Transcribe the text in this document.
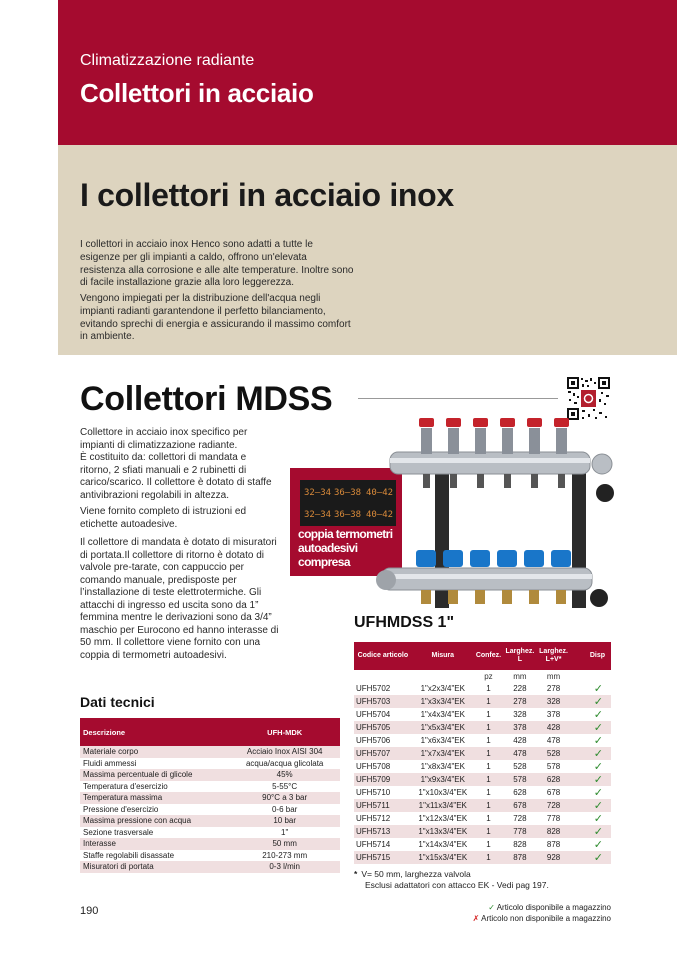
Climatizzazione radiante
Collettori in acciaio
I collettori in acciaio inox
I collettori in acciaio inox Henco sono adatti a tutte le esigenze per gli impianti a caldo, offrono un'elevata resistenza alla corrosione e alle alte temperature. Inoltre sono di facile installazione grazie alla loro leggerezza.
Vengono impiegati per la distribuzione dell'acqua negli impianti radianti garantendone il perfetto bilanciamento, evitando sprechi di energia e assicurando il massimo comfort in ambiente.
Collettori MDSS
Collettore in acciaio inox specifico per impianti di climatizzazione radiante.
È costituito da: collettori di mandata e ritorno, 2 sfiati manuali e 2 rubinetti di carico/scarico. Il collettore è dotato di staffe antivibrazioni regolabili in altezza.
Viene fornito completo di istruzioni ed etichette autoadesive.
Il collettore di mandata è dotato di misuratori di portata.Il collettore di ritorno è dotato di valvole pre-tarate, con cappuccio per comando manuale, predisposte per l’installazione di teste elettrotermiche. Gli attacchi di ingresso ed uscita sono da 1” femmina mentre le derivazioni sono da 3/4” maschio per Eurocono ed hanno interasse di 50 mm. Il collettore viene fornito con una coppia di termometri autoadesivi.
32–34 36–38 40–42
32–34 36–38 40–42
coppia termometri
autoadesivi
compresa
UFHMDSS 1"
Codice articolo	Misura	Confez.	Larghez. L	Larghez. L+V*	Disp
		pz	mm	mm	
UFH5702	1"x2x3/4"EK	1	228	278	✓
UFH5703	1"x3x3/4"EK	1	278	328	✓
UFH5704	1"x4x3/4"EK	1	328	378	✓
UFH5705	1"x5x3/4"EK	1	378	428	✓
UFH5706	1"x6x3/4"EK	1	428	478	✓
UFH5707	1"x7x3/4"EK	1	478	528	✓
UFH5708	1"x8x3/4"EK	1	528	578	✓
UFH5709	1"x9x3/4"EK	1	578	628	✓
UFH5710	1"x10x3/4"EK	1	628	678	✓
UFH5711	1"x11x3/4"EK	1	678	728	✓
UFH5712	1"x12x3/4"EK	1	728	778	✓
UFH5713	1"x13x3/4"EK	1	778	828	✓
UFH5714	1"x14x3/4"EK	1	828	878	✓
UFH5715	1"x15x3/4"EK	1	878	928	✓
* V= 50 mm, larghezza valvola
Esclusi adattatori con attacco EK - Vedi pag 197.
Dati tecnici
Descrizione	UFH-MDK
Materiale corpo	Acciaio Inox AISI 304
Fluidi ammessi	acqua/acqua glicolata
Massima percentuale di glicole	45%
Temperatura d'esercizio	5-55°C
Temperatura massima	90°C a 3 bar
Pressione d'esercizio	0-6 bar
Massima pressione con acqua	10 bar
Sezione trasversale	1"
Interasse	50 mm
Staffe regolabili disassate	210-273 mm
Misuratori di portata	0-3 l/min
190	✓ Articolo disponibile a magazzino
✗ Articolo non disponibile a magazzino
